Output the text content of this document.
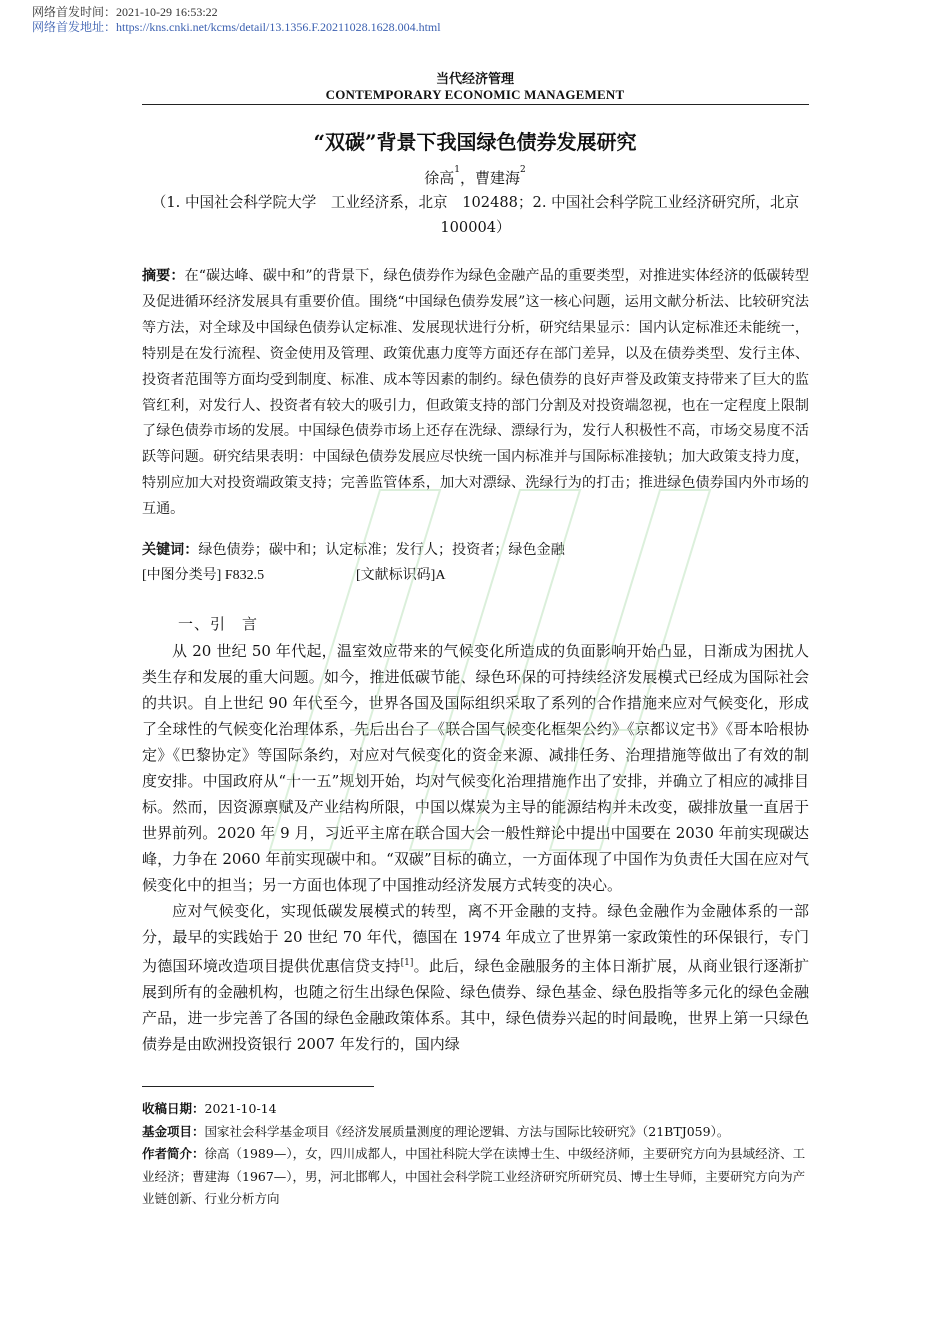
网络首发时间：2021-10-29 16:53:22
网络首发地址：https://kns.cnki.net/kcms/detail/13.1356.F.20211028.1628.004.html
当代经济管理
CONTEMPORARY ECONOMIC MANAGEMENT
“双碳”背景下我国绿色债券发展研究
徐高$^1$，曹建海$^2$
（1. 中国社会科学院大学　工业经济系，北京　102488；2. 中国社会科学院工业经济研究所，北京　100004）
摘要：在“碳达峰、碳中和”的背景下，绿色债券作为绿色金融产品的重要类型，对推进实体经济的低碳转型及促进循环经济发展具有重要价值。围绕“中国绿色债券发展”这一核心问题，运用文献分析法、比较研究法等方法，对全球及中国绿色债券认定标准、发展现状进行分析，研究结果显示：国内认定标准还未能统一，特别是在发行流程、资金使用及管理、政策优惠力度等方面还存在部门差异，以及在债券类型、发行主体、投资者范围等方面均受到制度、标准、成本等因素的制约。绿色债券的良好声誉及政策支持带来了巨大的监管红利，对发行人、投资者有较大的吸引力，但政策支持的部门分割及对投资端忽视，也在一定程度上限制了绿色债券市场的发展。中国绿色债券市场上还存在洗绿、漂绿行为，发行人积极性不高，市场交易度不活跃等问题。研究结果表明：中国绿色债券发展应尽快统一国内标准并与国际标准接轨；加大政策支持力度，特别应加大对投资端政策支持；完善监管体系，加大对漂绿、洗绿行为的打击；推进绿色债券国内外市场的互通。
关键词：绿色债券；碳中和；认定标准；发行人；投资者；绿色金融
[中图分类号] F832.5	[文献标识码]A
一、引　言

从 20 世纪 50 年代起，温室效应带来的气候变化所造成的负面影响开始凸显，日渐成为困扰人类生存和发展的重大问题。如今，推进低碳节能、绿色环保的可持续经济发展模式已经成为国际社会的共识。自上世纪 90 年代至今，世界各国及国际组织采取了系列的合作措施来应对气候变化，形成了全球性的气候变化治理体系，先后出台了《联合国气候变化框架公约》《京都议定书》《哥本哈根协定》《巴黎协定》等国际条约，对应对气候变化的资金来源、减排任务、治理措施等做出了有效的制度安排。中国政府从“十一五”规划开始，均对气候变化治理措施作出了安排，并确立了相应的减排目标。然而，因资源禀赋及产业结构所限，中国以煤炭为主导的能源结构并未改变，碳排放量一直居于世界前列。2020 年 9 月，习近平主席在联合国大会一般性辩论中提出中国要在 2030 年前实现碳达峰，力争在 2060 年前实现碳中和。“双碳”目标的确立，一方面体现了中国作为负责任大国在应对气候变化中的担当；另一方面也体现了中国推动经济发展方式转变的决心。

应对气候变化，实现低碳发展模式的转型，离不开金融的支持。绿色金融作为金融体系的一部分，最早的实践始于 20 世纪 70 年代，德国在 1974 年成立了世界第一家政策性的环保银行，专门为德国环境改造项目提供优惠信贷支持[1]。此后，绿色金融服务的主体日渐扩展，从商业银行逐渐扩展到所有的金融机构，也随之衍生出绿色保险、绿色债券、绿色基金、绿色股指等多元化的绿色金融产品，进一步完善了各国的绿色金融政策体系。其中，绿色债券兴起的时间最晚，世界上第一只绿色债券是由欧洲投资银行 2007 年发行的，国内绿

收稿日期：2021-10-14

基金项目：国家社会科学基金项目《经济发展质量测度的理论逻辑、方法与国际比较研究》（21BTJ059）。

作者简介：徐高（1989—），女，四川成都人，中国社科院大学在读博士生、中级经济师，主要研究方向为县域经济、工业经济；曹建海（1967—），男，河北邯郸人，中国社会科学院工业经济研究所研究员、博士生导师，主要研究方向为产业链创新、行业分析方向
